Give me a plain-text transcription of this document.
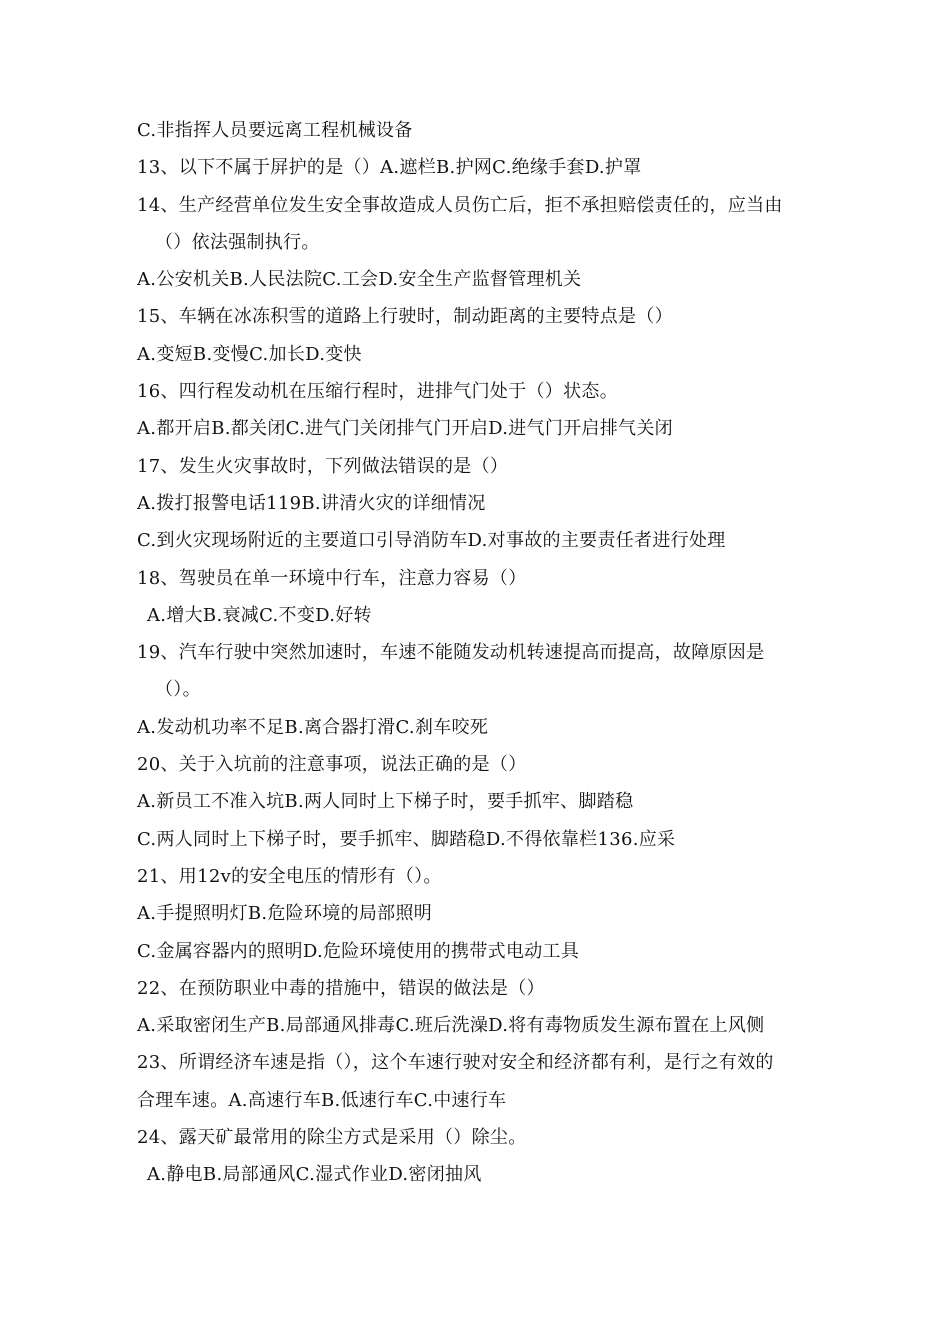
C.非指挥人员要远离工程机械设备
13、以下不属于屏护的是（）A.遮栏B.护网C.绝缘手套D.护罩
14、生产经营单位发生安全事故造成人员伤亡后，拒不承担赔偿责任的，应当由
（）依法强制执行。
A.公安机关B.人民法院C.工会D.安全生产监督管理机关
15、车辆在冰冻积雪的道路上行驶时，制动距离的主要特点是（）
A.变短B.变慢C.加长D.变快
16、四行程发动机在压缩行程时，进排气门处于（）状态。
A.都开启B.都关闭C.进气门关闭排气门开启D.进气门开启排气关闭
17、发生火灾事故时，下列做法错误的是（）
A.拨打报警电话119B.讲清火灾的详细情况
C.到火灾现场附近的主要道口引导消防车D.对事故的主要责任者进行处理
18、驾驶员在单一环境中行车，注意力容易（）
A.增大B.衰减C.不变D.好转
19、汽车行驶中突然加速时，车速不能随发动机转速提高而提高，故障原因是
（）。
A.发动机功率不足B.离合器打滑C.刹车咬死
20、关于入坑前的注意事项，说法正确的是（）
A.新员工不准入坑B.两人同时上下梯子时，要手抓牢、脚踏稳
C.两人同时上下梯子时，要手抓牢、脚踏稳D.不得依靠栏136.应采
21、用12v的安全电压的情形有（）。
A.手提照明灯B.危险环境的局部照明
C.金属容器内的照明D.危险环境使用的携带式电动工具
22、在预防职业中毒的措施中，错误的做法是（）
A.采取密闭生产B.局部通风排毒C.班后洗澡D.将有毒物质发生源布置在上风侧
23、所谓经济车速是指（），这个车速行驶对安全和经济都有利，是行之有效的
合理车速。A.高速行车B.低速行车C.中速行车
24、露天矿最常用的除尘方式是采用（）除尘。
A.静电B.局部通风C.湿式作业D.密闭抽风
